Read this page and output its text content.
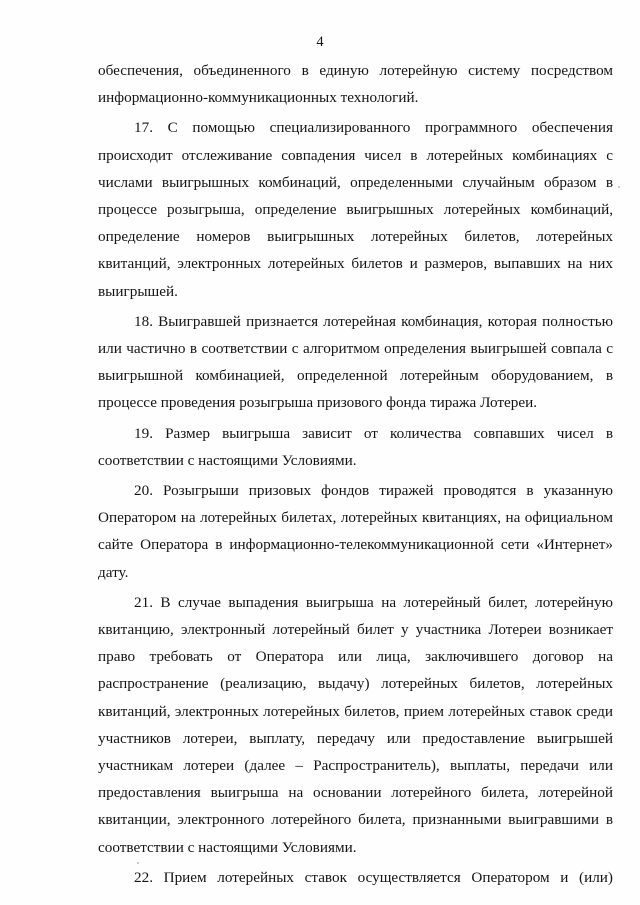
4

обеспечения, объединенного в единую лотерейную систему посредством информационно-коммуникационных технологий.

17. С помощью специализированного программного обеспечения происходит отслеживание совпадения чисел в лотерейных комбинациях с числами выигрышных комбинаций, определенными случайным образом в процессе розыгрыша, определение выигрышных лотерейных комбинаций, определение номеров выигрышных лотерейных билетов, лотерейных квитанций, электронных лотерейных билетов и размеров, выпавших на них выигрышей.

18. Выигравшей признается лотерейная комбинация, которая полностью или частично в соответствии с алгоритмом определения выигрышей совпала с выигрышной комбинацией, определенной лотерейным оборудованием, в процессе проведения розыгрыша призового фонда тиража Лотереи.

19. Размер выигрыша зависит от количества совпавших чисел в соответствии с настоящими Условиями.

20. Розыгрыши призовых фондов тиражей проводятся в указанную Оператором на лотерейных билетах, лотерейных квитанциях, на официальном сайте Оператора в информационно-телекоммуникационной сети «Интернет» дату.

21. В случае выпадения выигрыша на лотерейный билет, лотерейную квитанцию, электронный лотерейный билет у участника Лотереи возникает право требовать от Оператора или лица, заключившего договор на распространение (реализацию, выдачу) лотерейных билетов, лотерейных квитанций, электронных лотерейных билетов, прием лотерейных ставок среди участников лотереи, выплату, передачу или предоставление выигрышей участникам лотереи (далее – Распространитель), выплаты, передачи или предоставления выигрыша на основании лотерейного билета, лотерейной квитанции, электронного лотерейного билета, признанными выигравшими в соответствии с настоящими Условиями.

22. Прием лотерейных ставок осуществляется Оператором и (или)
